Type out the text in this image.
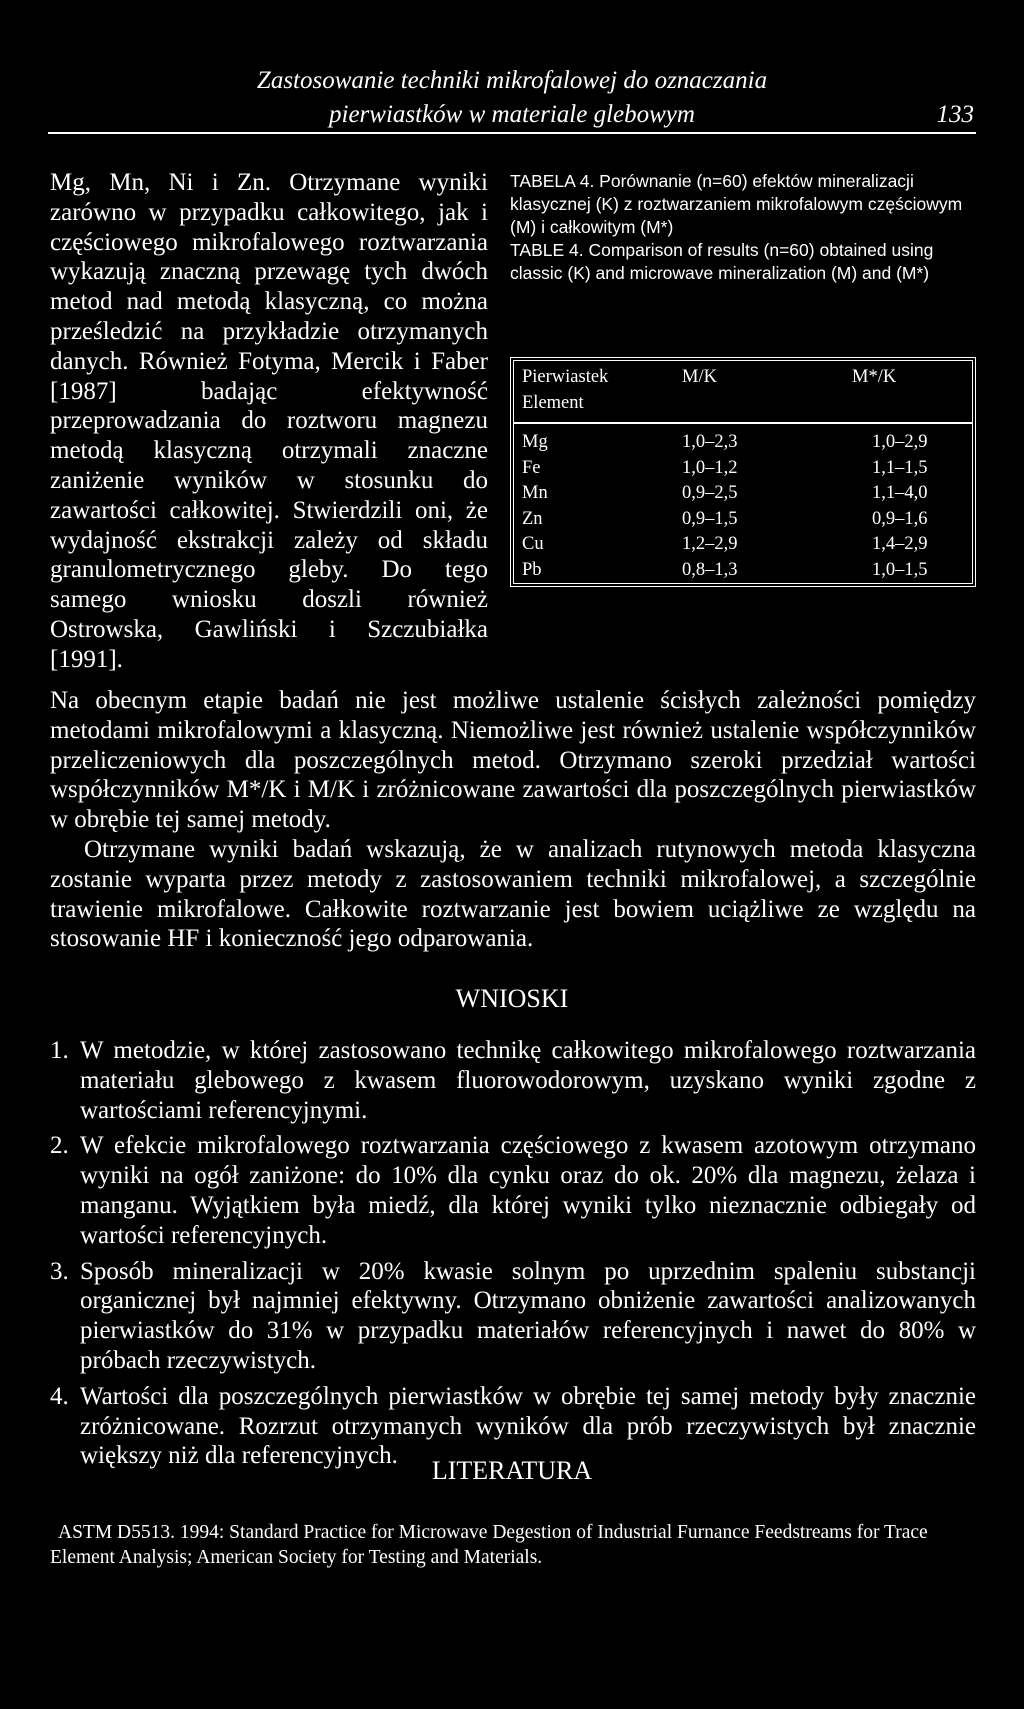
Zastosowanie techniki mikrofalowej do oznaczania
pierwiastków w materiale glebowym	133
Mg, Mn, Ni i Zn. Otrzymane wyniki zarówno w przypadku całkowitego, jak i częściowego mikrofalowego roztwarzania wykazują znaczną przewagę tych dwóch metod nad metodą klasyczną, co można prześledzić na przykładzie otrzymanych danych. Również Fotyma, Mercik i Faber [1987] badając efektywność przeprowadzania do roztworu magnezu metodą klasyczną otrzymali znaczne zaniżenie wyników w stosunku do zawartości całkowitej. Stwierdzili oni, że wydajność ekstrakcji zależy od składu granulometrycznego gleby. Do tego samego wniosku doszli również Ostrowska, Gawliński i Szczubiałka [1991].
TABELA 4. Porównanie (n=60) efektów mineralizacji klasycznej (K) z roztwarzaniem mikrofalowym częściowym (M) i całkowitym (M*)
TABLE 4. Comparison of results (n=60) obtained using classic (K) and microwave mineralization (M) and (M*)
Pierwiastek
Element	M/K	M*/K
Mg	1,0–2,3	1,0–2,9
Fe	1,0–1,2	1,1–1,5
Mn	0,9–2,5	1,1–4,0
Zn	0,9–1,5	0,9–1,6
Cu	1,2–2,9	1,4–2,9
Pb	0,8–1,3	1,0–1,5

Na obecnym etapie badań nie jest możliwe ustalenie ścisłych zależności pomiędzy metodami mikrofalowymi a klasyczną. Niemożliwe jest również ustalenie współczynników przeliczeniowych dla poszczególnych metod. Otrzymano szeroki przedział wartości współczynników M*/K i M/K i zróżnicowane zawartości dla poszczególnych pierwiastków w obrębie tej samej metody.

Otrzymane wyniki badań wskazują, że w analizach rutynowych metoda klasyczna zostanie wyparta przez metody z zastosowaniem techniki mikrofalowej, a szczególnie trawienie mikrofalowe. Całkowite roztwarzanie jest bowiem uciążliwe ze względu na stosowanie HF i konieczność jego odparowania.

WNIOSKI
1. W metodzie, w której zastosowano technikę całkowitego mikrofalowego roztwarzania materiału glebowego z kwasem fluorowodorowym, uzyskano wyniki zgodne z wartościami referencyjnymi.
2. W efekcie mikrofalowego roztwarzania częściowego z kwasem azotowym otrzymano wyniki na ogół zaniżone: do 10% dla cynku oraz do ok. 20% dla magnezu, żelaza i manganu. Wyjątkiem była miedź, dla której wyniki tylko nieznacznie odbiegały od wartości referencyjnych.
3. Sposób mineralizacji w 20% kwasie solnym po uprzednim spaleniu substancji organicznej był najmniej efektywny. Otrzymano obniżenie zawartości analizowanych pierwiastków do 31% w przypadku materiałów referencyjnych i nawet do 80% w próbach rzeczywistych.
4. Wartości dla poszczególnych pierwiastków w obrębie tej samej metody były znacznie zróżnicowane. Rozrzut otrzymanych wyników dla prób rzeczywistych był znacznie większy niż dla referencyjnych.
LITERATURA
ASTM D5513. 1994: Standard Practice for Microwave Degestion of Industrial Furnance Feedstreams for Trace Element Analysis; American Society for Testing and Materials.
